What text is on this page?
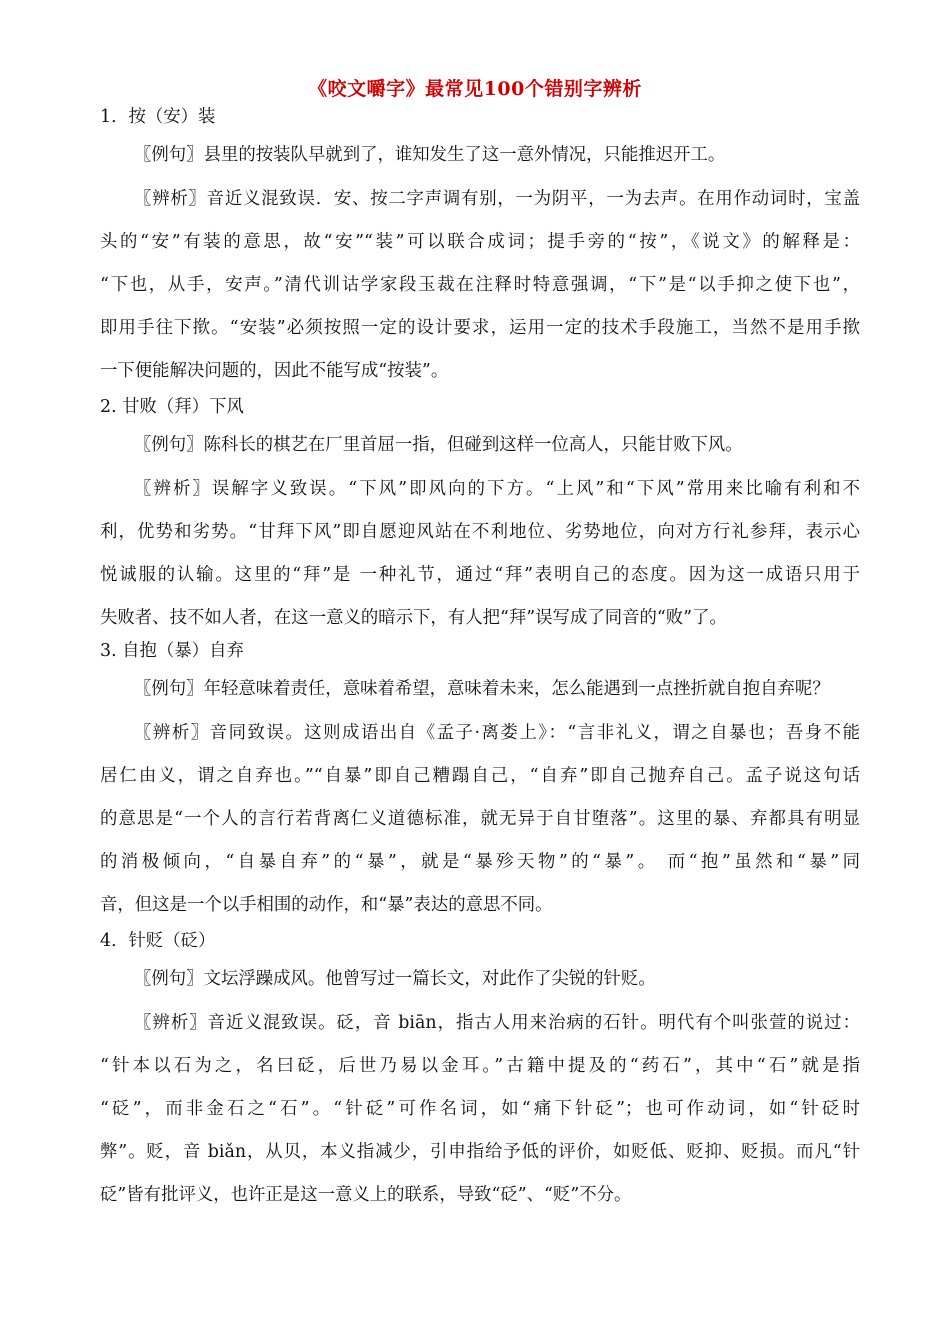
《咬文嚼字》最常见100个错别字辨析
1．按（安）装
〖例句〗县里的按装队早就到了，谁知发生了这一意外情况，只能推迟开工。
〖辨析〗音近义混致误．安、按二字声调有别，一为阴平，一为去声。在用作动词时，宝盖
头的“安”有装的意思，故“安”“装”可以联合成词；提手旁的“按”，《说文》的解释是：
“下也，从手，安声。”清代训诂学家段玉裁在注释时特意强调，“下”是“以手抑之使下也”，
即用手往下揿。“安装”必须按照一定的设计要求，运用一定的技术手段施工，当然不是用手揿
一下便能解决问题的，因此不能写成“按装”。
2. 甘败（拜）下风
〖例句〗陈科长的棋艺在厂里首屈一指，但碰到这样一位高人，只能甘败下风。
〖辨析〗误解字义致误。“下风”即风向的下方。“上风”和“下风”常用来比喻有利和不
利，优势和劣势。“甘拜下风”即自愿迎风站在不利地位、劣势地位，向对方行礼参拜，表示心
悦诚服的认输。这里的“拜”是 一种礼节，通过“拜”表明自己的态度。因为这一成语只用于
失败者、技不如人者，在这一意义的暗示下，有人把“拜”误写成了同音的“败”了。
3. 自抱（暴）自弃
〖例句〗年轻意味着责任，意味着希望，意味着未来，怎么能遇到一点挫折就自抱自弃呢？
〖辨析〗音同致误。这则成语出自《孟子·离娄上》：“言非礼义，谓之自暴也；吾身不能
居仁由义，谓之自弃也。”“自暴”即自己糟蹋自己，“自弃”即自己抛弃自己。孟子说这句话
的意思是“一个人的言行若背离仁义道德标准，就无异于自甘堕落”。这里的暴、弃都具有明显
的消极倾向，“自暴自弃”的“暴”，就是“暴殄天物”的“暴”。 而“抱”虽然和“暴”同
音，但这是一个以手相围的动作，和“暴”表达的意思不同。
4．针贬（砭）
〖例句〗文坛浮躁成风。他曾写过一篇长文，对此作了尖锐的针贬。
〖辨析〗音近义混致误。砭，音 biān，指古人用来治病的石针。明代有个叫张萱的说过：
“针本以石为之，名曰砭，后世乃易以金耳。”古籍中提及的“药石”，其中“石”就是指
“砭”，而非金石之“石”。“针砭”可作名词，如“痛下针砭”；也可作动词，如“针砭时
弊”。贬，音 biǎn，从贝，本义指减少，引申指给予低的评价，如贬低、贬抑、贬损。而凡“针
砭”皆有批评义，也许正是这一意义上的联系，导致“砭”、“贬”不分。
